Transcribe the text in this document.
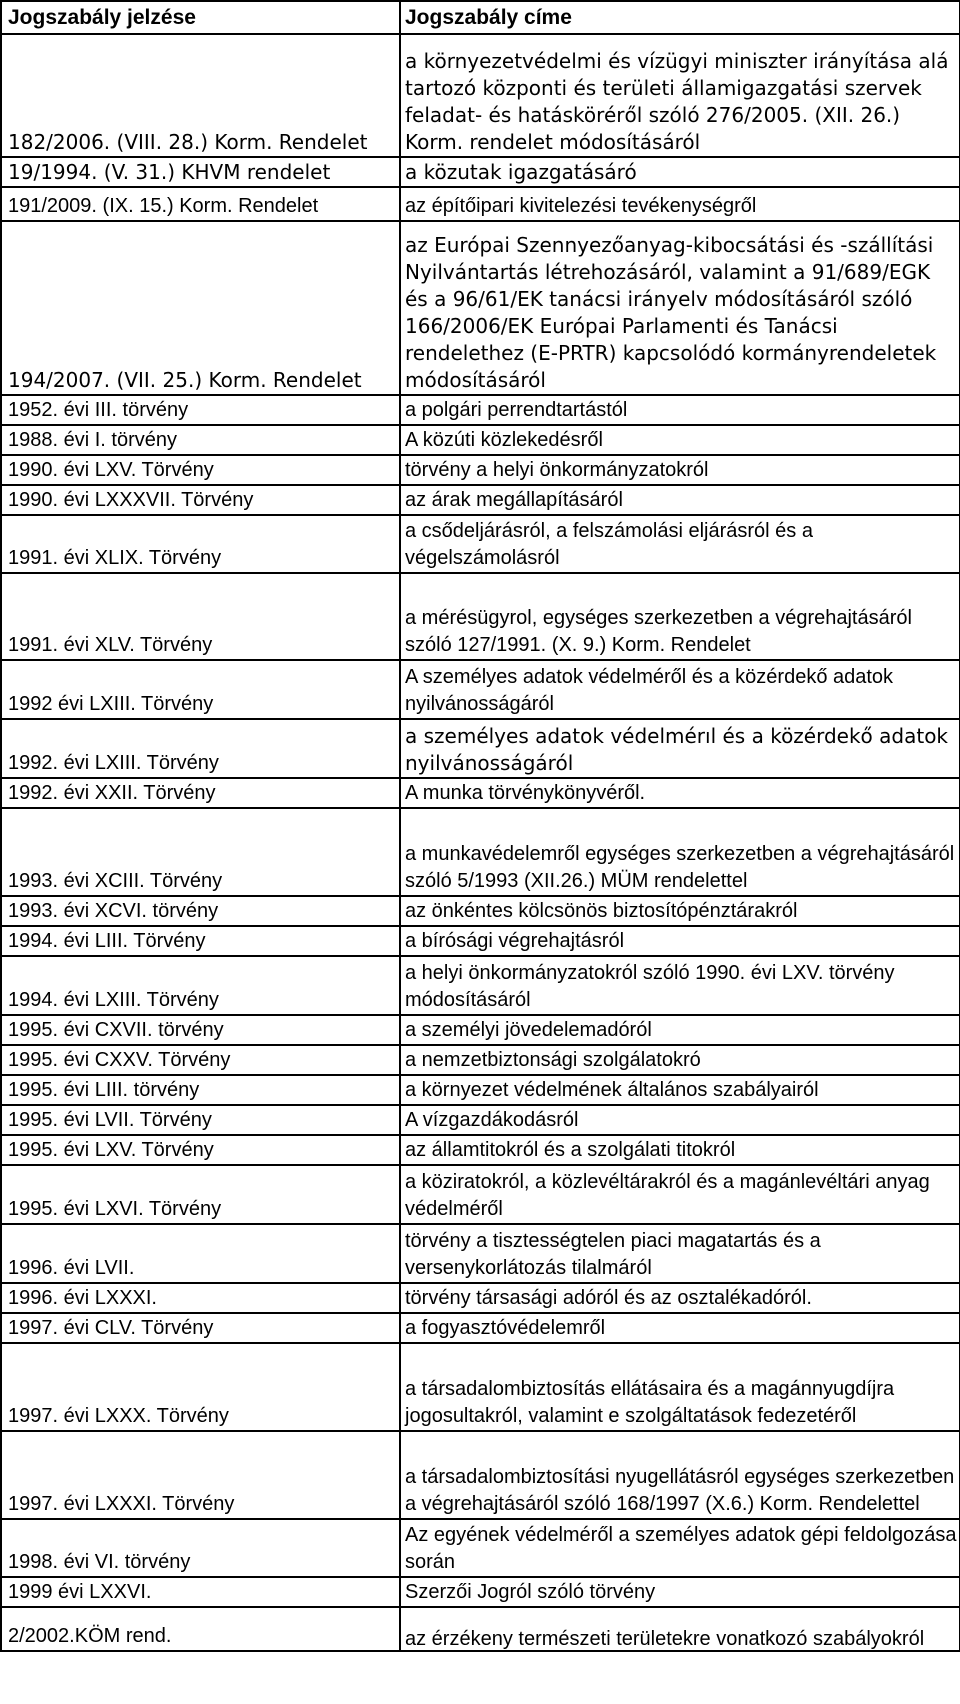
Jogszabály jelzése	Jogszabály címe
182/2006. (VIII. 28.) Korm. Rendelet	a környezetvédelmi és vízügyi miniszter irányítása alá tartozó központi és területi államigazgatási szervek feladat- és hatásköréről szóló 276/2005. (XII. 26.) Korm. rendelet módosításáról
19/1994. (V. 31.) KHVM rendelet	a közutak igazgatásáró
191/2009. (IX. 15.) Korm. Rendelet	az építőipari kivitelezési tevékenységről
194/2007. (VII. 25.) Korm. Rendelet	az Európai Szennyezőanyag-kibocsátási és -szállítási Nyilvántartás létrehozásáról, valamint a 91/689/EGK és a 96/61/EK tanácsi irányelv módosításáról szóló 166/2006/EK Európai Parlamenti és Tanácsi rendelethez (E-PRTR) kapcsolódó kormányrendeletek módosításáról
1952. évi III. törvény	a polgári perrendtartástól
1988. évi I. törvény	A közúti közlekedésről
1990. évi LXV. Törvény	törvény a helyi önkormányzatokról
1990. évi LXXXVII. Törvény	az árak megállapításáról
1991. évi XLIX. Törvény	a csődeljárásról, a felszámolási eljárásról és a végelszámolásról
1991. évi XLV. Törvény	a mérésügyrol, egységes szerkezetben a végrehajtásáról szóló 127/1991. (X. 9.) Korm. Rendelet
1992 évi LXIII. Törvény	A személyes adatok védelméről és a közérdekő adatok nyilvánosságáról
1992. évi LXIII. Törvény	a személyes adatok védelmérıl és a közérdekő adatok nyilvánosságáról
1992. évi XXII. Törvény	A munka törvénykönyvéről.
1993. évi XCIII. Törvény	a munkavédelemről egységes szerkezetben a végrehajtásáról szóló 5/1993 (XII.26.) MÜM rendelettel
1993. évi XCVI. törvény	az önkéntes kölcsönös biztosítópénztárakról
1994. évi LIII. Törvény	a bírósági végrehajtásról
1994. évi LXIII. Törvény	a helyi önkormányzatokról szóló 1990. évi LXV. törvény módosításáról
1995. évi CXVII. törvény	a személyi jövedelemadóról
1995. évi CXXV. Törvény	a nemzetbiztonsági szolgálatokró
1995. évi LIII. törvény	a környezet védelmének általános szabályairól
1995. évi LVII. Törvény	A vízgazdákodásról
1995. évi LXV. Törvény	az államtitokról és a szolgálati titokról
1995. évi LXVI. Törvény	a köziratokról, a közlevéltárakról és a magánlevéltári anyag védelméről
1996. évi LVII.	törvény a tisztességtelen piaci magatartás és a versenykorlátozás tilalmáról
1996. évi LXXXI.	törvény társasági adóról és az osztalékadóról.
1997. évi CLV. Törvény	a fogyasztóvédelemről
1997. évi LXXX. Törvény	a társadalombiztosítás ellátásaira és a magánnyugdíjra jogosultakról, valamint e szolgáltatások fedezetéről
1997. évi LXXXI. Törvény	a társadalombiztosítási nyugellátásról egységes szerkezetben a végrehajtásáról szóló 168/1997 (X.6.) Korm. Rendelettel
1998. évi VI. törvény	Az egyének védelméről a személyes adatok gépi feldolgozása során
1999 évi LXXVI.	Szerzői Jogról szóló törvény
2/2002.KÖM rend.	az érzékeny természeti területekre vonatkozó szabályokról
